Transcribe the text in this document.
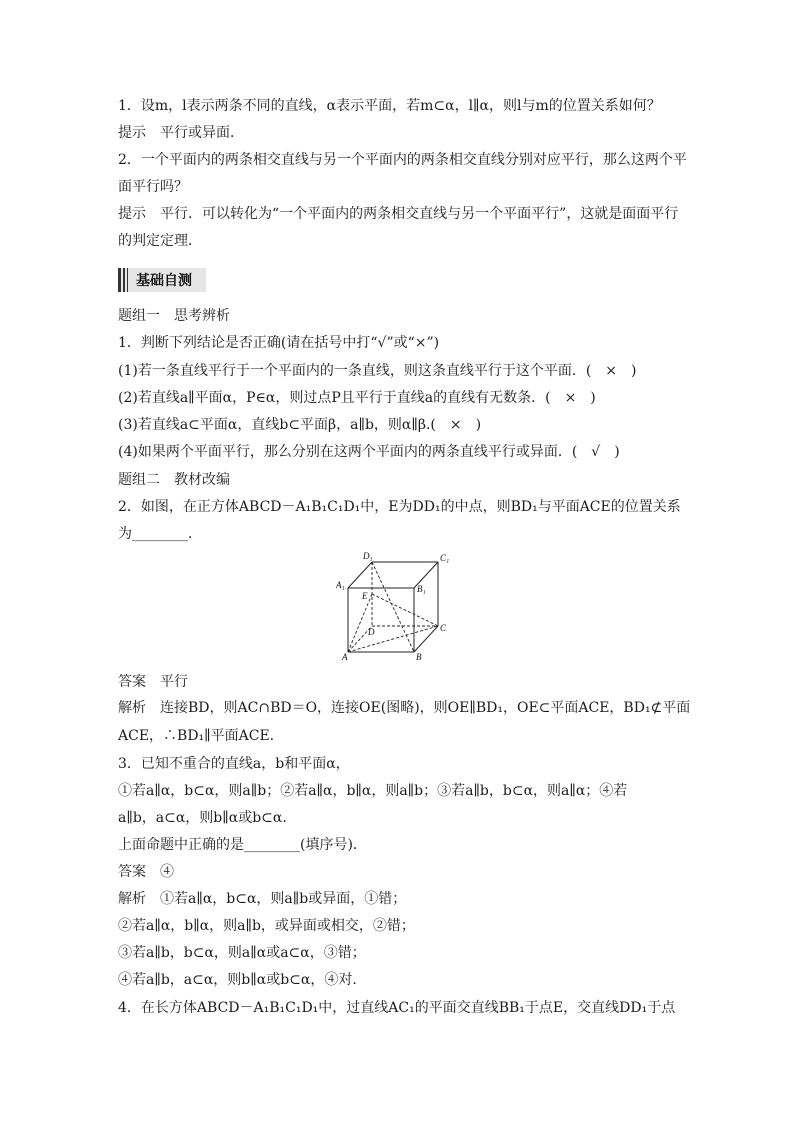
1．设m，l表示两条不同的直线，α表示平面，若m⊂α，l∥α，则l与m的位置关系如何？
提示　平行或异面．
2．一个平面内的两条相交直线与另一个平面内的两条相交直线分别对应平行，那么这两个平
面平行吗？
提示　平行．可以转化为“一个平面内的两条相交直线与另一个平面平行”，这就是面面平行
的判定定理．
题组一　思考辨析
1．判断下列结论是否正确(请在括号中打“√”或“×”)
(1)若一条直线平行于一个平面内的一条直线，则这条直线平行于这个平面．(　×　)
(2)若直线a∥平面α，P∈α，则过点P且平行于直线a的直线有无数条．(　×　)
(3)若直线a⊂平面α，直线b⊂平面β，a∥b，则α∥β.(　×　)
(4)如果两个平面平行，那么分别在这两个平面内的两条直线平行或异面．(　√　)
题组二　教材改编
2．如图，在正方体ABCD－A₁B₁C₁D₁中，E为DD₁的中点，则BD₁与平面ACE的位置关系
为________．
答案　平行
解析　连接BD，则AC∩BD＝O，连接OE(图略)，则OE∥BD₁，OE⊂平面ACE，BD₁⊄平面
ACE，∴BD₁∥平面ACE.
3．已知不重合的直线a，b和平面α，
①若a∥α，b⊂α，则a∥b；②若a∥α，b∥α，则a∥b；③若a∥b，b⊂α，则a∥α；④若
a∥b，a⊂α，则b∥α或b⊂α.
上面命题中正确的是________(填序号)．
答案　④
解析　①若a∥α，b⊂α，则a∥b或异面，①错；
②若a∥α，b∥α，则a∥b，或异面或相交，②错；
③若a∥b，b⊂α，则a∥α或a⊂α，③错；
④若a∥b，a⊂α，则b∥α或b⊂α，④对.
4．在长方体ABCD－A₁B₁C₁D₁中，过直线AC₁的平面交直线BB₁于点E，交直线DD₁于点
基础自测
D₁	C₁
A₁	B₁
E
D	C
A	B
